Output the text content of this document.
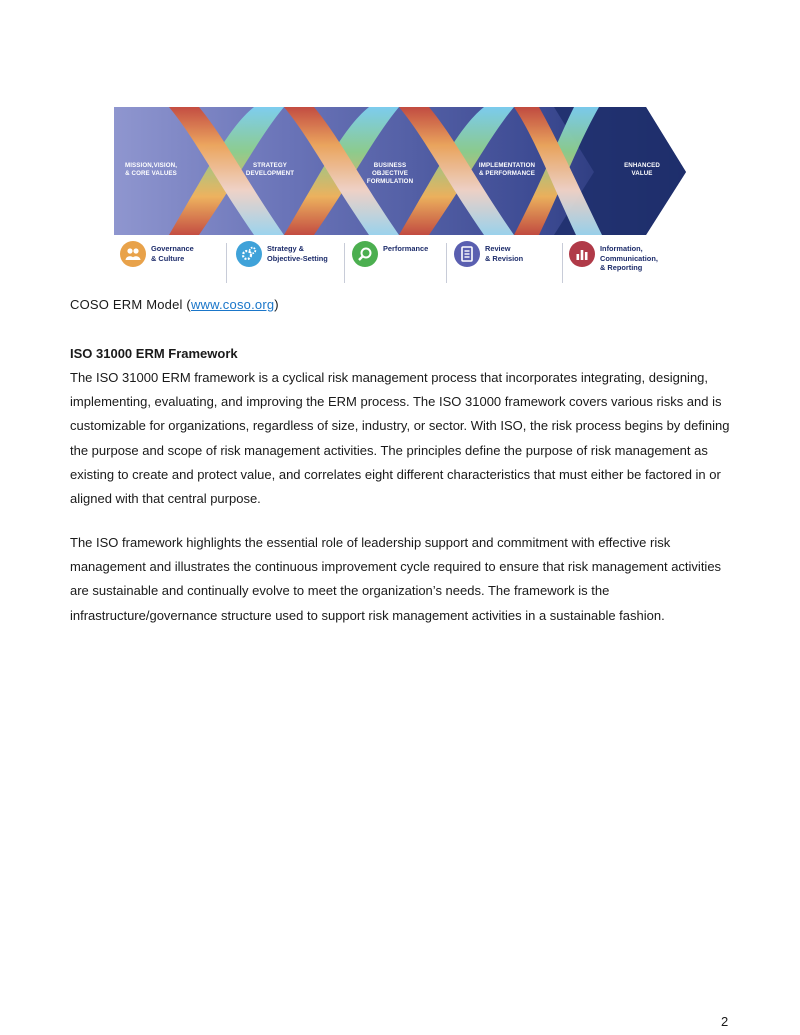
MISSION,VISION,
& CORE VALUES
STRATEGY
DEVELOPMENT
BUSINESS
OBJECTIVE
FORMULATION
IMPLEMENTATION
& PERFORMANCE
ENHANCED
VALUE
Governance
& Culture
Strategy &
Objective-Setting
Performance	Review
& Revision
Information,
Communication,
& Reporting
COSO ERM Model (www.coso.org)
ISO 31000 ERM Framework
The ISO 31000 ERM framework is a cyclical risk management process that incorporates integrating, designing, implementing, evaluating, and improving the ERM process. The ISO 31000 framework covers various risks and is customizable for organizations, regardless of size, industry, or sector. With ISO, the risk process begins by defining the purpose and scope of risk management activities. The principles define the purpose of risk management as existing to create and protect value, and correlates eight different characteristics that must either be factored in or aligned with that central purpose.
The ISO framework highlights the essential role of leadership support and commitment with effective risk management and illustrates the continuous improvement cycle required to ensure that risk management activities are sustainable and continually evolve to meet the organization’s needs. The framework is the infrastructure/governance structure used to support risk management activities in a sustainable fashion.
2
